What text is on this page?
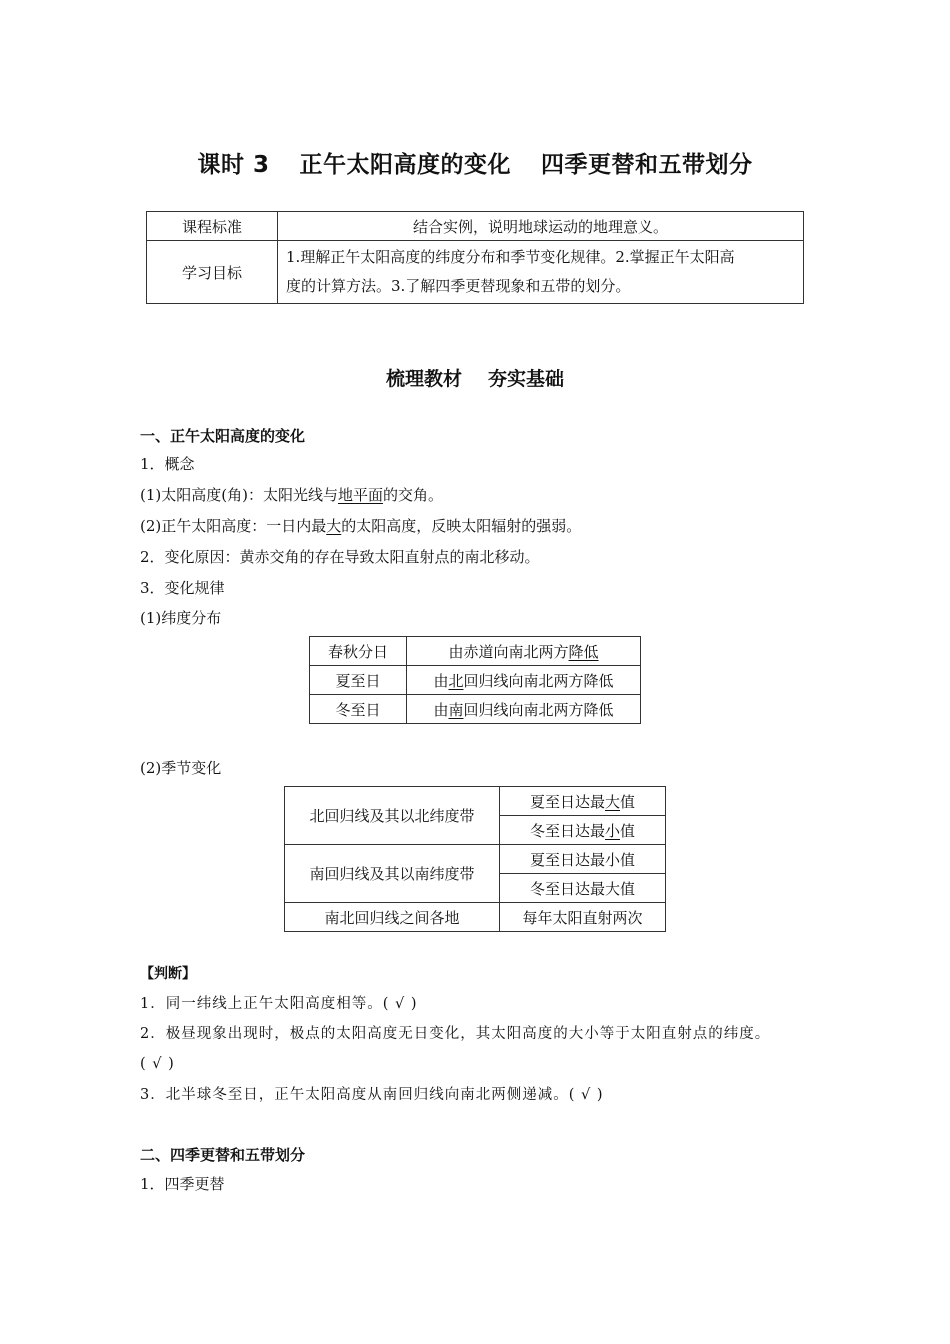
课时 3 正午太阳高度的变化 四季更替和五带划分
课程标准	结合实例，说明地球运动的地理意义。
学习目标	1.理解正午太阳高度的纬度分布和季节变化规律。2.掌握正午太阳高
度的计算方法。3.了解四季更替现象和五带的划分。
梳理教材 夯实基础
一、正午太阳高度的变化
1．概念
(1)太阳高度(角)：太阳光线与地平面的交角。
(2)正午太阳高度：一日内最大的太阳高度，反映太阳辐射的强弱。
2．变化原因：黄赤交角的存在导致太阳直射点的南北移动。
3．变化规律
(1)纬度分布
春秋分日	由赤道向南北两方降低
夏至日	由北回归线向南北两方降低
冬至日	由南回归线向南北两方降低
(2)季节变化
北回归线及其以北纬度带	夏至日达最大值
	冬至日达最小值
南回归线及其以南纬度带	夏至日达最小值
	冬至日达最大值
南北回归线之间各地	每年太阳直射两次
【判断】
1．同一纬线上正午太阳高度相等。( √ )
2．极昼现象出现时，极点的太阳高度无日变化，其太阳高度的大小等于太阳直射点的纬度。
( √ )
3．北半球冬至日，正午太阳高度从南回归线向南北两侧递减。( √ )
二、四季更替和五带划分
1．四季更替
